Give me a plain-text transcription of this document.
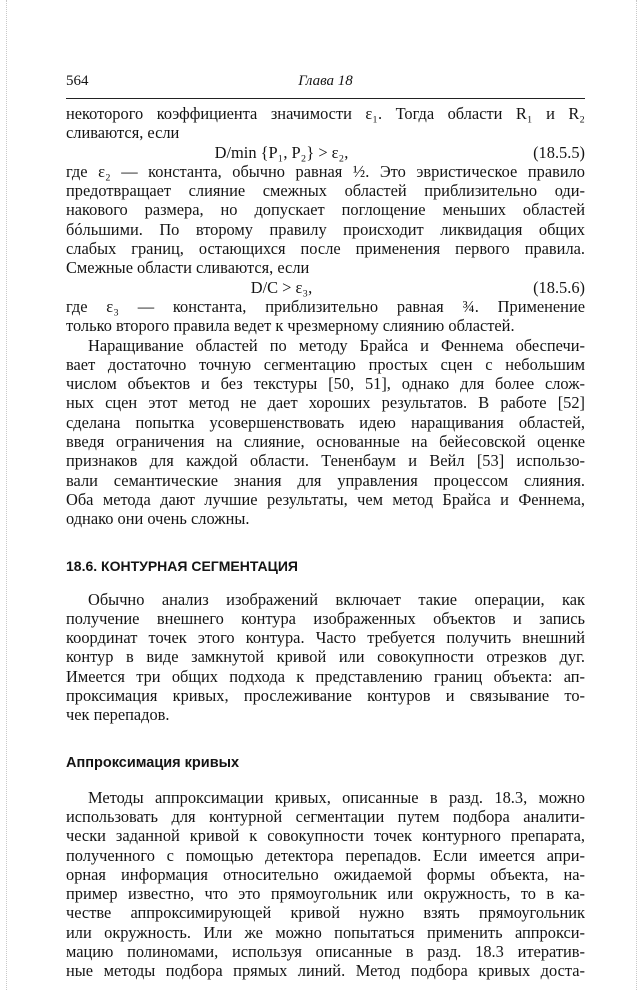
564	Глава 18
некоторого коэффициента значимости ε₁. Тогда области R₁ и R₂
сливаются, если
D/min {P₁, P₂} > ε₂,	(18.5.5)
где ε₂ — константа, обычно равная ½. Это эвристическое правило
предотвращает слияние смежных областей приблизительно оди-
накового размера, но допускает поглощение меньших областей
бóльшими. По второму правилу происходит ликвидация общих
слабых границ, остающихся после применения первого правила.
Смежные области сливаются, если
D/C > ε₃,	(18.5.6)
где ε₃ — константа, приблизительно равная ¾. Применение
только второго правила ведет к чрезмерному слиянию областей.
Наращивание областей по методу Брайса и Феннема обеспечи-
вает достаточно точную сегментацию простых сцен с небольшим
числом объектов и без текстуры [50, 51], однако для более слож-
ных сцен этот метод не дает хороших результатов. В работе [52]
сделана попытка усовершенствовать идею наращивания областей,
введя ограничения на слияние, основанные на бейесовской оценке
признаков для каждой области. Тененбаум и Вейл [53] использо-
вали семантические знания для управления процессом слияния.
Оба метода дают лучшие результаты, чем метод Брайса и Феннема,
однако они очень сложны.
18.6. КОНТУРНАЯ СЕГМЕНТАЦИЯ
Обычно анализ изображений включает такие операции, как
получение внешнего контура изображенных объектов и запись
координат точек этого контура. Часто требуется получить внешний
контур в виде замкнутой кривой или совокупности отрезков дуг.
Имеется три общих подхода к представлению границ объекта: ап-
проксимация кривых, прослеживание контуров и связывание то-
чек перепадов.
Аппроксимация кривых
Методы аппроксимации кривых, описанные в разд. 18.3, можно
использовать для контурной сегментации путем подбора аналити-
чески заданной кривой к совокупности точек контурного препарата,
полученного с помощью детектора перепадов. Если имеется апри-
орная информация относительно ожидаемой формы объекта, на-
пример известно, что это прямоугольник или окружность, то в ка-
честве аппроксимирующей кривой нужно взять прямоугольник
или окружность. Или же можно попытаться применить аппрокси-
мацию полиномами, используя описанные в разд. 18.3 итератив-
ные методы подбора прямых линий. Метод подбора кривых доста-
